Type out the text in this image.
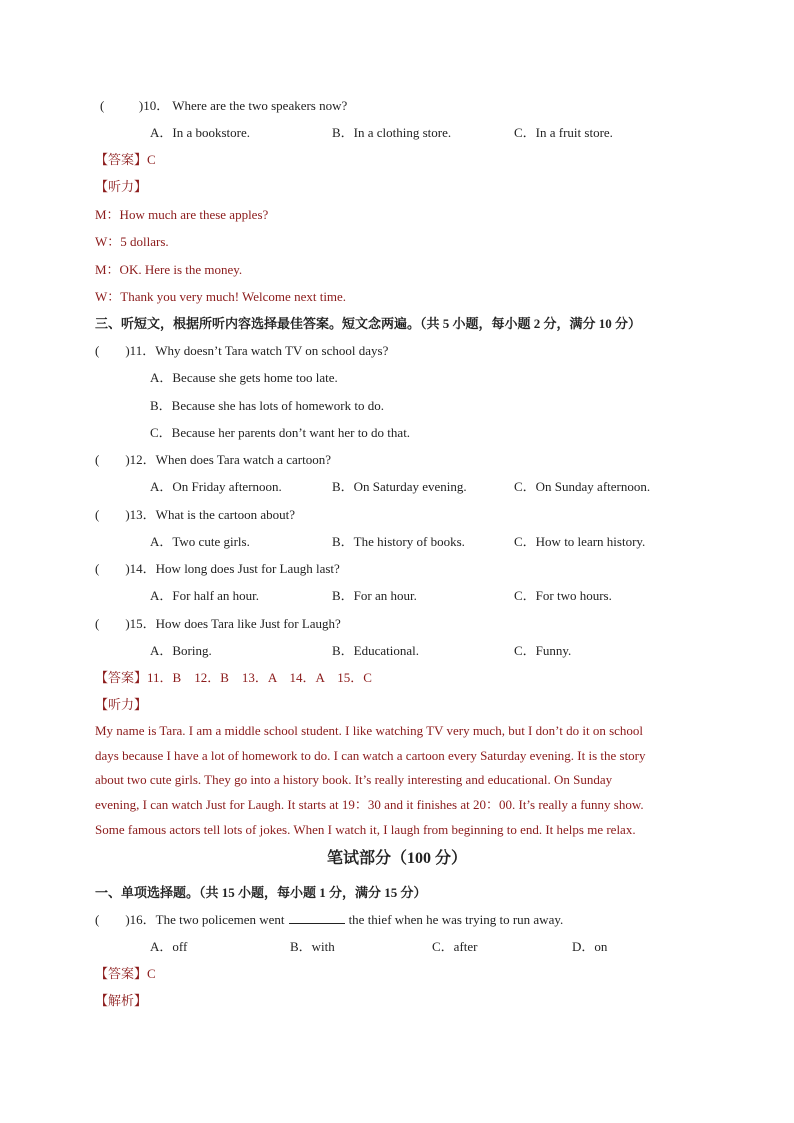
(	)10． Where are the two speakers now?
A．In a bookstore.	B．In a clothing store.	C．In a fruit store.
【答案】C
【听力】
M：How much are these apples?
W：5 dollars.
M：OK. Here is the money.
W：Thank you very much! Welcome next time.
三、听短文，根据所听内容选择最佳答案。短文念两遍。（共 5 小题，每小题 2 分，满分 10 分）
(　　)11．Why doesn’t Tara watch TV on school days?
A．Because she gets home too late.
B．Because she has lots of homework to do.
C．Because her parents don’t want her to do that.
(　　)12．When does Tara watch a cartoon?
A．On Friday afternoon.	B．On Saturday evening.	C．On Sunday afternoon.
(　　)13．What is the cartoon about?
A．Two cute girls.	B．The history of books.	C．How to learn history.
(　　)14．How long does Just for Laugh last?
A．For half an hour.	B．For an hour.	C．For two hours.
(　　)15．How does Tara like Just for Laugh?
A．Boring.	B．Educational.	C．Funny.
【答案】11．B　12．B　13．A　14．A　15．C
【听力】
My name is Tara. I am a middle school student. I like watching TV very much, but I don’t do it on school
days because I have a lot of homework to do. I can watch a cartoon every Saturday evening. It is the story
about two cute girls. They go into a history book. It’s really interesting and educational. On Sunday
evening, I can watch Just for Laugh. It starts at 19：30 and it finishes at 20：00. It’s really a funny show.
Some famous actors tell lots of jokes. When I watch it, I laugh from beginning to end. It helps me relax.
笔试部分（100 分）
一、单项选择题。（共 15 小题，每小题 1 分，满分 15 分）
(　　)16．The two policemen went	the thief when he was trying to run away.
A．off	B．with	C．after	D．on
【答案】C
【解析】
